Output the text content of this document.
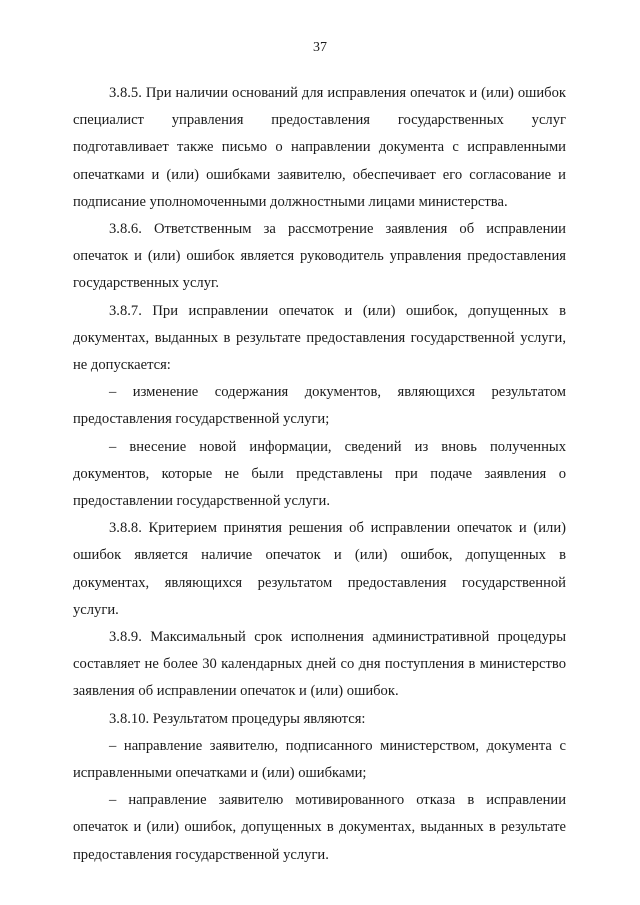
37

3.8.5. При наличии оснований для исправления опечаток и (или) ошибок специалист управления предоставления государственных услуг подготавливает также письмо о направлении документа с исправленными опечатками и (или) ошибками заявителю, обеспечивает его согласование и подписание уполномоченными должностными лицами министерства.

3.8.6. Ответственным за рассмотрение заявления об исправлении опечаток и (или) ошибок является руководитель управления предоставления государственных услуг.

3.8.7. При исправлении опечаток и (или) ошибок, допущенных в документах, выданных в результате предоставления государственной услуги, не допускается:

– изменение содержания документов, являющихся результатом предоставления государственной услуги;

– внесение новой информации, сведений из вновь полученных документов, которые не были представлены при подаче заявления о предоставлении государственной услуги.

3.8.8. Критерием принятия решения об исправлении опечаток и (или) ошибок является наличие опечаток и (или) ошибок, допущенных в документах, являющихся результатом предоставления государственной услуги.

3.8.9. Максимальный срок исполнения административной процедуры составляет не более 30 календарных дней со дня поступления в министерство заявления об исправлении опечаток и (или) ошибок.

3.8.10. Результатом процедуры являются:

– направление заявителю, подписанного министерством, документа с исправленными опечатками и (или) ошибками;

– направление заявителю мотивированного отказа в исправлении опечаток и (или) ошибок, допущенных в документах, выданных в результате предоставления государственной услуги.
